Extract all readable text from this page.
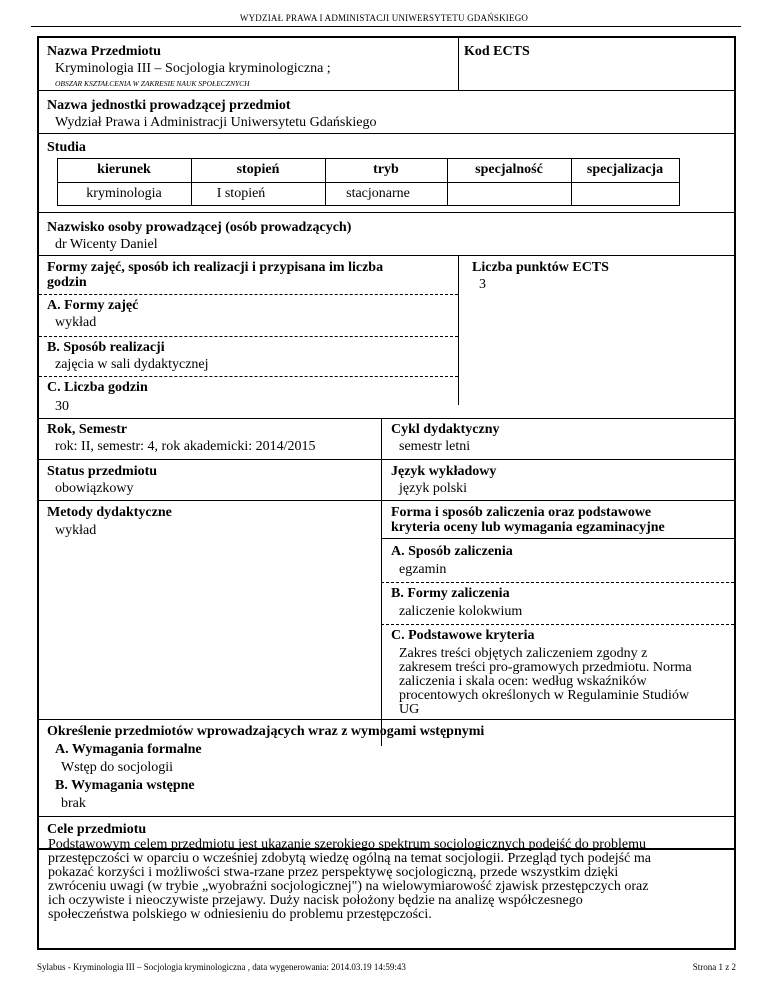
WYDZIAŁ PRAWA I ADMINISTACJI UNIWERSYTETU GDAŃSKIEGO
Nazwa Przedmiotu
Kryminologia III – Socjologia kryminologiczna ;
OBSZAR KSZTAŁCENIA W ZAKRESIE NAUK SPOŁECZNYCH
Kod ECTS
Nazwa jednostki prowadzącej przedmiot
Wydział Prawa i Administracji Uniwersytetu Gdańskiego
Studia
kierunek	stopień	tryb	specjalność	specjalizacja
kryminologia	I stopień	stacjonarne
Nazwisko osoby prowadzącej (osób prowadzących)
dr Wicenty Daniel
Formy zajęć, sposób ich realizacji i przypisana im liczba
godzin
Liczba punktów ECTS
3
A. Formy zajęć
wykład
B. Sposób realizacji
zajęcia w sali dydaktycznej
C. Liczba godzin
30
Rok, Semestr
rok: II, semestr: 4, rok akademicki: 2014/2015
Cykl dydaktyczny
semestr letni
Status przedmiotu
obowiązkowy
Język wykładowy
język polski
Metody dydaktyczne
wykład
Forma i sposób zaliczenia oraz podstawowe
kryteria oceny lub wymagania egzaminacyjne
A. Sposób zaliczenia
egzamin
B. Formy zaliczenia
zaliczenie kolokwium
C. Podstawowe kryteria
Zakres treści objętych zaliczeniem zgodny z
zakresem treści pro-gramowych przedmiotu. Norma
zaliczenia i skala ocen: według wskaźników
procentowych określonych w Regulaminie Studiów
UG
Określenie przedmiotów wprowadzających wraz z wymogami wstępnymi
A. Wymagania formalne
Wstęp do socjologii
B. Wymagania wstępne
brak
Cele przedmiotu
Podstawowym celem przedmiotu jest ukazanie szerokiego spektrum socjologicznych podejść do problemu
przestępczości w oparciu o wcześniej zdobytą wiedzę ogólną na temat socjologii. Przegląd tych podejść ma
pokazać korzyści i możliwości stwa-rzane przez perspektywę socjologiczną, przede wszystkim dzięki
zwróceniu uwagi (w trybie „wyobraźni socjologicznej") na wielowymiarowość zjawisk przestępczych oraz
ich oczywiste i nieoczywiste przejawy. Duży nacisk położony będzie na analizę współczesnego
społeczeństwa polskiego w odniesieniu do problemu przestępczości.
Sylabus - Kryminologia III – Socjologia kryminologiczna , data wygenerowania: 2014.03.19 14:59:43	Strona 1 z 2
